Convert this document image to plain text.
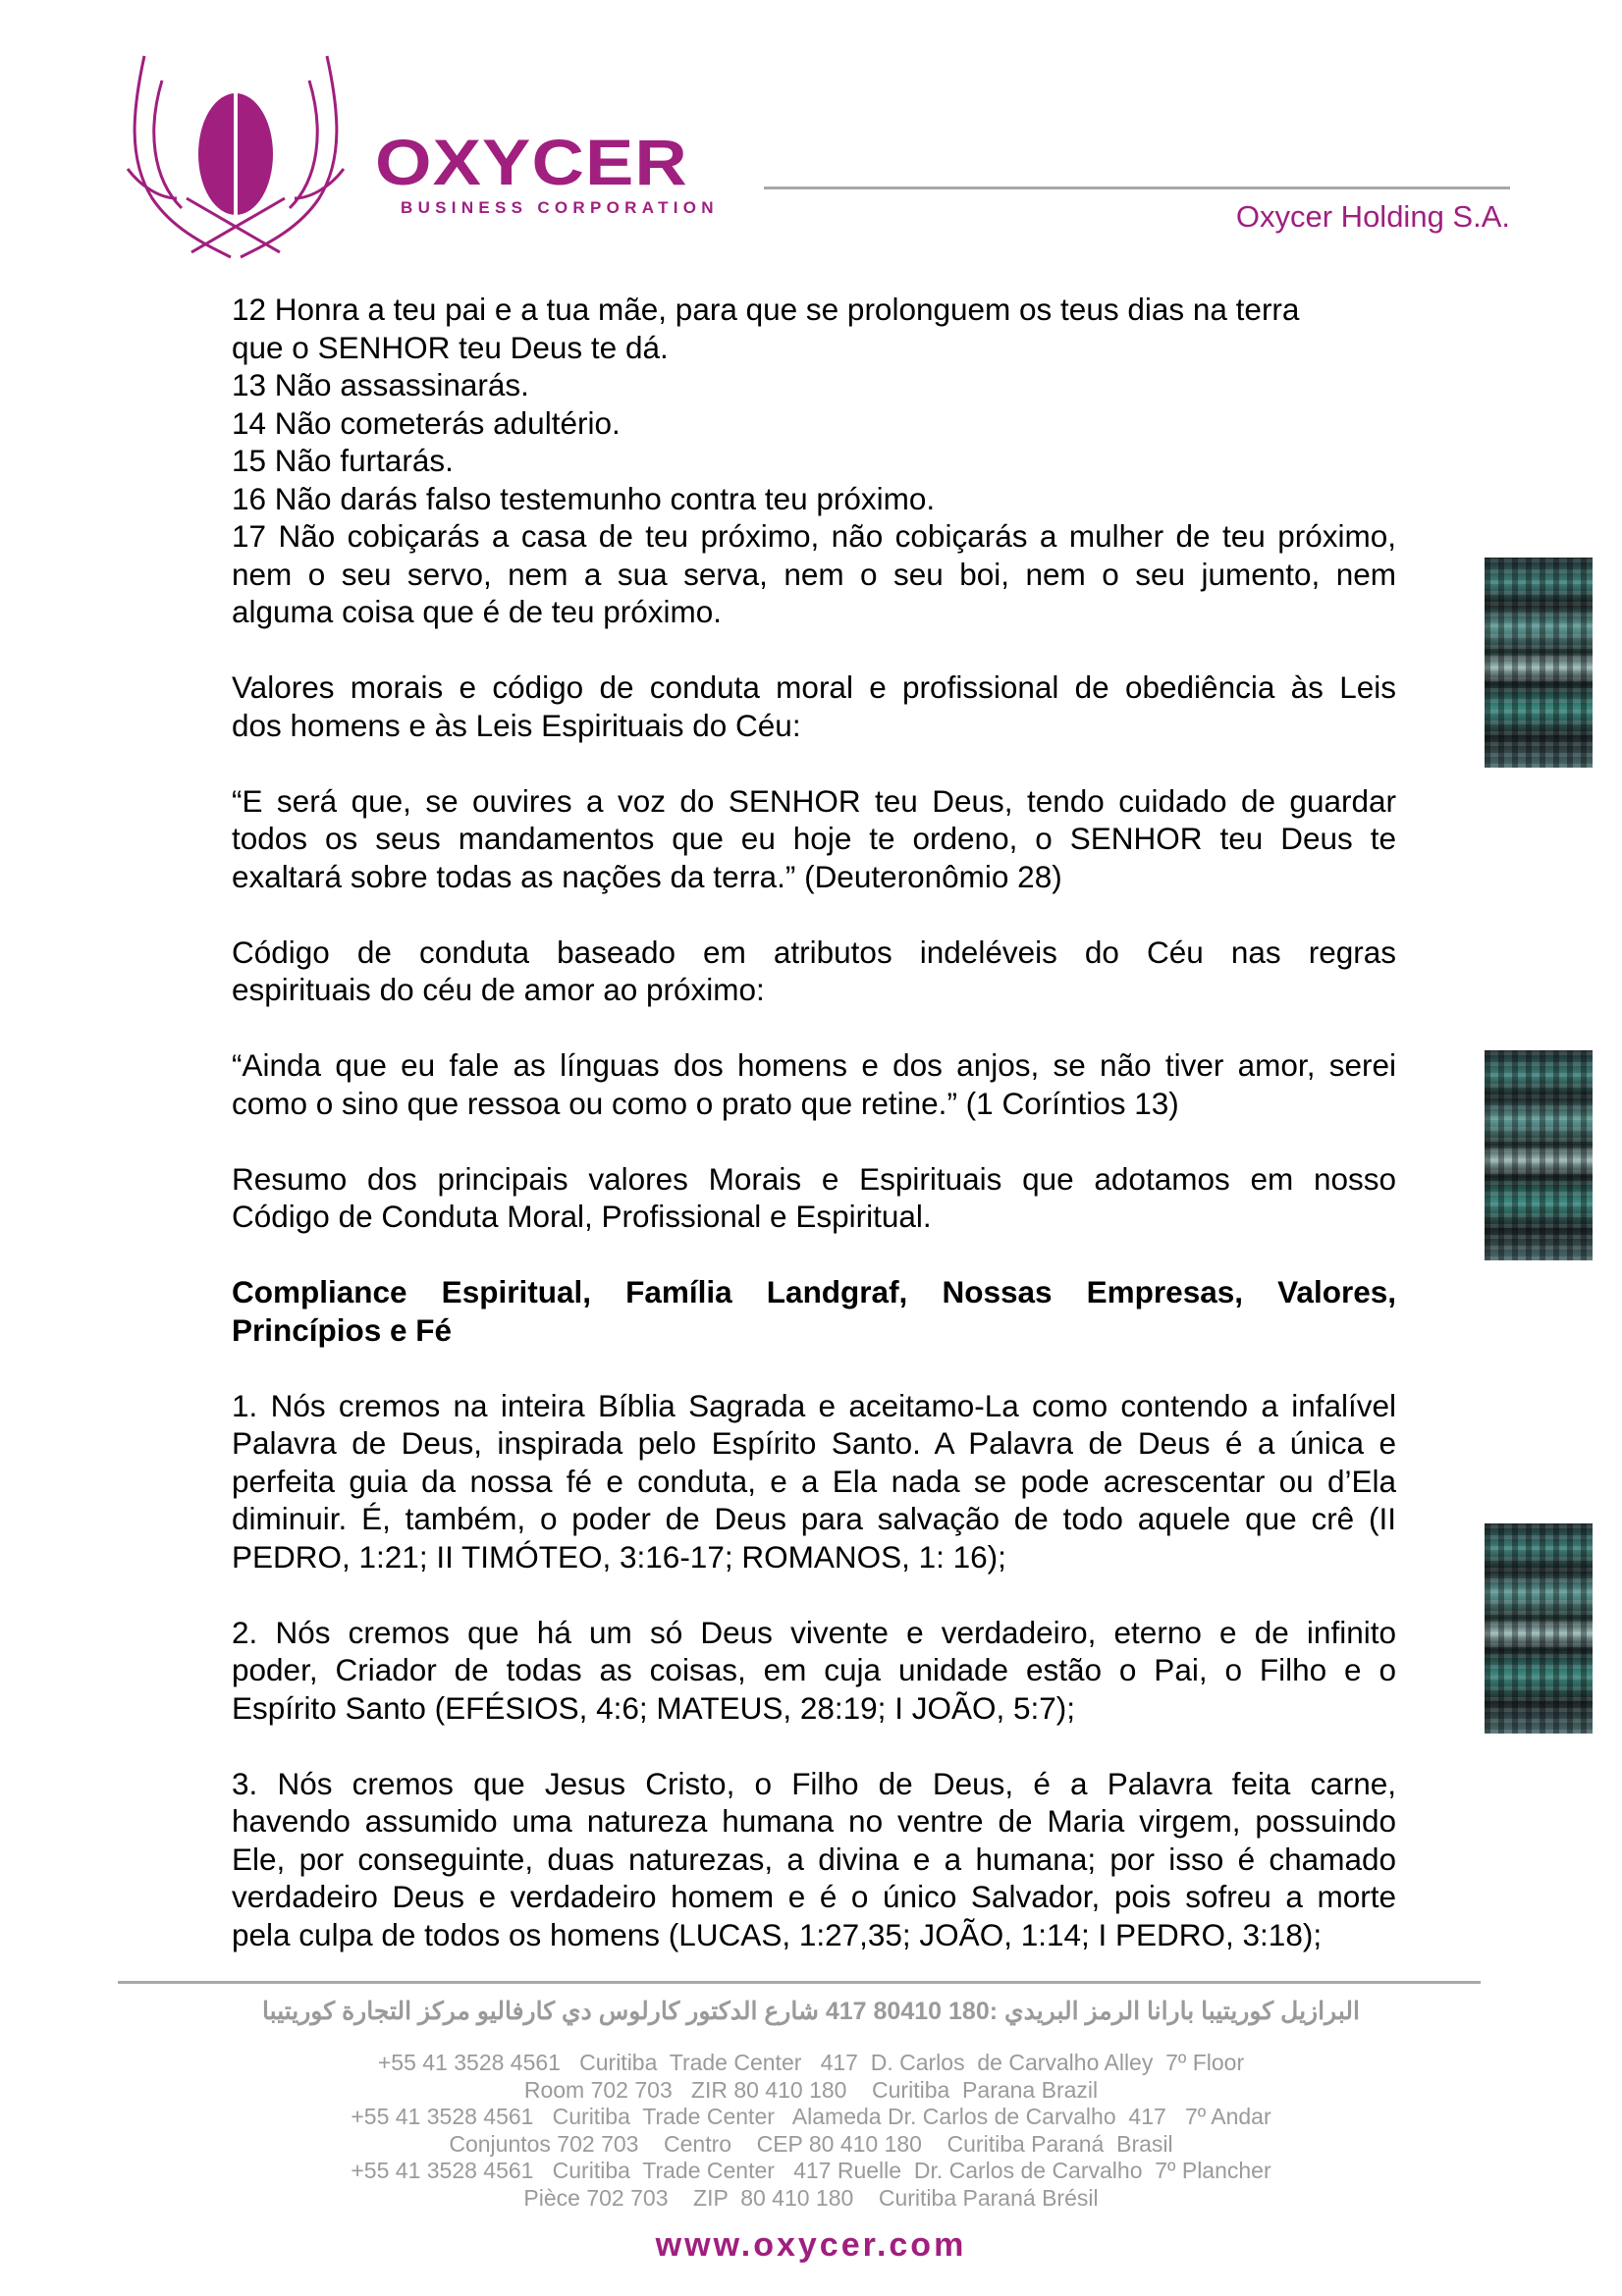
OXYCER
BUSINESS CORPORATION	Oxycer Holding S.A.
12 Honra a teu pai e a tua mãe, para que se prolonguem os teus dias na terra
que o SENHOR teu Deus te dá.
13 Não assassinarás.
14 Não cometerás adultério.
15 Não furtarás.
16 Não darás falso testemunho contra teu próximo.
17 Não cobiçarás a casa de teu próximo, não cobiçarás a mulher de teu próximo,
nem o seu servo, nem a sua serva, nem o seu boi, nem o seu jumento, nem
alguma coisa que é de teu próximo.
Valores morais e código de conduta moral e profissional de obediência às Leis
dos homens e às Leis Espirituais do Céu:
“E será que, se ouvires a voz do SENHOR teu Deus, tendo cuidado de guardar
todos os seus mandamentos que eu hoje te ordeno, o SENHOR teu Deus te
exaltará sobre todas as nações da terra.” (Deuteronômio 28)
Código de conduta baseado em atributos indeléveis do Céu nas regras
espirituais do céu de amor ao próximo:
“Ainda que eu fale as línguas dos homens e dos anjos, se não tiver amor, serei
como o sino que ressoa ou como o prato que retine.” (1 Coríntios 13)
Resumo dos principais valores Morais e Espirituais que adotamos em nosso
Código de Conduta Moral, Profissional e Espiritual.
Compliance Espiritual, Família Landgraf, Nossas Empresas, Valores,
Princípios e Fé
1. Nós cremos na inteira Bíblia Sagrada e aceitamo-La como contendo a infalível
Palavra de Deus, inspirada pelo Espírito Santo. A Palavra de Deus é a única e
perfeita guia da nossa fé e conduta, e a Ela nada se pode acrescentar ou d’Ela
diminuir. É, também, o poder de Deus para salvação de todo aquele que crê (II
PEDRO, 1:21; II TIMÓTEO, 3:16-17; ROMANOS, 1: 16);
2. Nós cremos que há um só Deus vivente e verdadeiro, eterno e de infinito
poder, Criador de todas as coisas, em cuja unidade estão o Pai, o Filho e o
Espírito Santo (EFÉSIOS, 4:6; MATEUS, 28:19; I JOÃO, 5:7);
3. Nós cremos que Jesus Cristo, o Filho de Deus, é a Palavra feita carne,
havendo assumido uma natureza humana no ventre de Maria virgem, possuindo
Ele, por conseguinte, duas naturezas, a divina e a humana; por isso é chamado
verdadeiro Deus e verdadeiro homem e é o único Salvador, pois sofreu a morte
pela culpa de todos os homens (LUCAS, 1:27,35; JOÃO, 1:14; I PEDRO, 3:18);
البرازيل كوريتيبا بارانا الرمز البريدي :180 80410 417 شارع الدكتور كارلوس دي كارفاليو مركز التجارة كوريتيبا
+55 41 3528 4561   Curitiba  Trade Center   417  D. Carlos  de Carvalho Alley  7º Floor
Room 702 703   ZIR 80 410 180    Curitiba  Parana Brazil
+55 41 3528 4561   Curitiba  Trade Center   Alameda Dr. Carlos de Carvalho  417   7º Andar
Conjuntos 702 703    Centro    CEP 80 410 180    Curitiba Paraná  Brasil
+55 41 3528 4561   Curitiba  Trade Center   417 Ruelle  Dr. Carlos de Carvalho  7º Plancher
Pièce 702 703    ZIP  80 410 180    Curitiba Paraná Brésil
www.oxycer.com
